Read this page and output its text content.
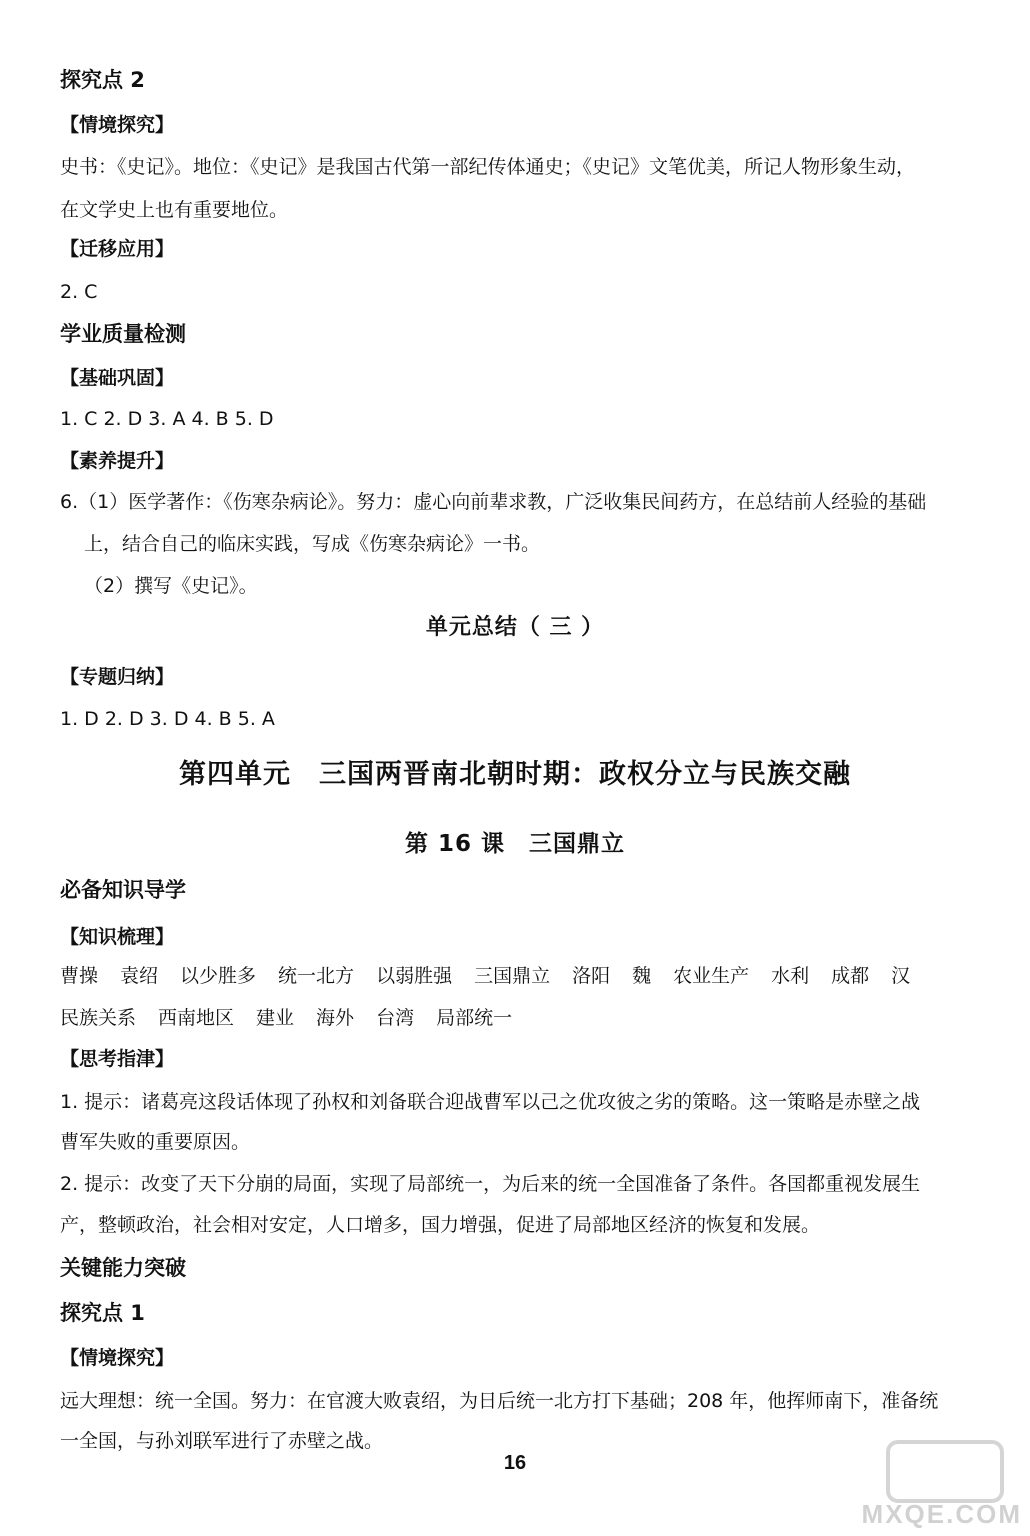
探究点 2
【情境探究】
史书：《史记》。地位：《史记》是我国古代第一部纪传体通史；《史记》文笔优美，所记人物形象生动，
在文学史上也有重要地位。
【迁移应用】
2. C
学业质量检测
【基础巩固】
1. C 2. D 3. A 4. B 5. D
【素养提升】
6.（1）医学著作：《伤寒杂病论》。努力：虚心向前辈求教，广泛收集民间药方，在总结前人经验的基础
上，结合自己的临床实践，写成《伤寒杂病论》一书。
（2）撰写《史记》。
单元总结（ 三 ）
【专题归纳】
1. D 2. D 3. D 4. B 5. A
第四单元　三国两晋南北朝时期：政权分立与民族交融
第 16 课　三国鼎立
必备知识导学
【知识梳理】
曹操 袁绍 以少胜多 统一北方 以弱胜强 三国鼎立 洛阳 魏 农业生产 水利 成都 汉
民族关系 西南地区 建业 海外 台湾 局部统一
【思考指津】
1. 提示：诸葛亮这段话体现了孙权和刘备联合迎战曹军以己之优攻彼之劣的策略。这一策略是赤壁之战
曹军失败的重要原因。
2. 提示：改变了天下分崩的局面，实现了局部统一，为后来的统一全国准备了条件。各国都重视发展生
产，整顿政治，社会相对安定，人口增多，国力增强，促进了局部地区经济的恢复和发展。
关键能力突破
探究点 1
【情境探究】
远大理想：统一全国。努力：在官渡大败袁绍，为日后统一北方打下基础；208 年，他挥师南下，准备统
一全国，与孙刘联军进行了赤壁之战。
16
MXQE.COM
